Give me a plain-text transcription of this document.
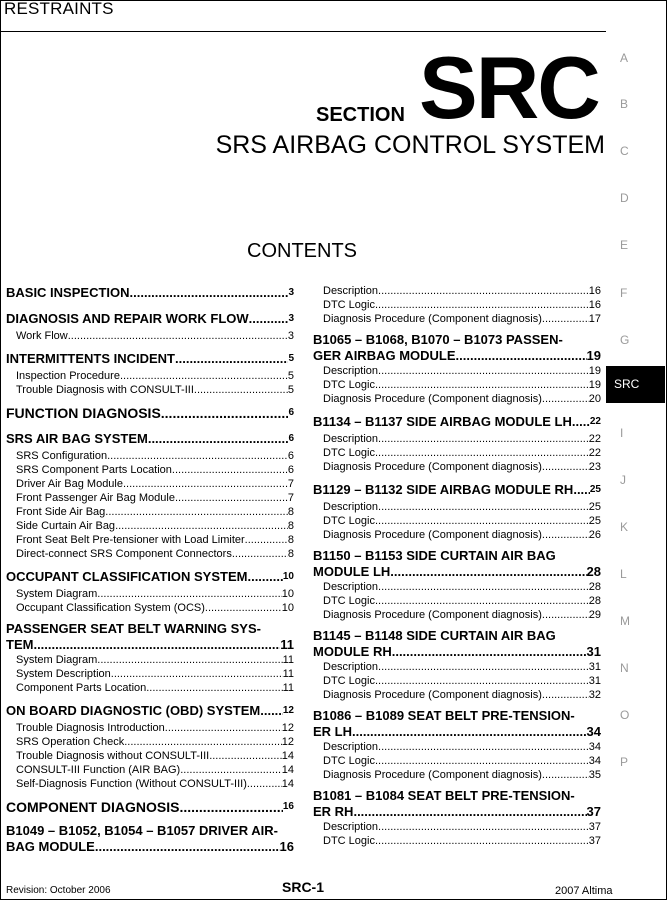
RESTRAINTS
SECTION SRC
SRS AIRBAG CONTROL SYSTEM
CONTENTS
A
B
C
D
E
F
G
SRC
I
J
K
L
M
N
O
P
BASIC INSPECTION .....	3
DIAGNOSIS AND REPAIR WORK FLOW .....	3
Work Flow .....	3
INTERMITTENTS INCIDENT .....	5
Inspection Procedure .....	5
Trouble Diagnosis with CONSULT-III .....	5
FUNCTION DIAGNOSIS .....	6
SRS AIR BAG SYSTEM .....	6
SRS Configuration .....	6
SRS Component Parts Location .....	6
Driver Air Bag Module .....	7
Front Passenger Air Bag Module .....	7
Front Side Air Bag .....	8
Side Curtain Air Bag .....	8
Front Seat Belt Pre-tensioner with Load Limiter .....	8
Direct-connect SRS Component Connectors .....	8
OCCUPANT CLASSIFICATION SYSTEM .....	10
System Diagram .....	10
Occupant Classification System (OCS) .....	10
PASSENGER SEAT BELT WARNING SYS-
TEM .....	11
System Diagram .....	11
System Description .....	11
Component Parts Location .....	11
ON BOARD DIAGNOSTIC (OBD) SYSTEM ..... 12
Trouble Diagnosis Introduction .....	12
SRS Operation Check .....	12
Trouble Diagnosis without CONSULT-III .....	14
CONSULT-III Function (AIR BAG) .....	14
Self-Diagnosis Function (Without CONSULT-III) .....	14
COMPONENT DIAGNOSIS .....	16
B1049 – B1052, B1054 – B1057 DRIVER AIR-
BAG MODULE .....	16
Description .....	16
DTC Logic .....	16
Diagnosis Procedure (Component diagnosis) .....	17
B1065 – B1068, B1070 – B1073 PASSEN-
GER AIRBAG MODULE .....	19
Description .....	19
DTC Logic .....	19
Diagnosis Procedure (Component diagnosis) .....	20
B1134 – B1137 SIDE AIRBAG MODULE LH ..... 22
Description .....	22
DTC Logic .....	22
Diagnosis Procedure (Component diagnosis) .....	23
B1129 – B1132 SIDE AIRBAG MODULE RH ..... 25
Description .....	25
DTC Logic .....	25
Diagnosis Procedure (Component diagnosis) .....	26
B1150 – B1153 SIDE CURTAIN AIR BAG
MODULE LH .....	28
Description .....	28
DTC Logic .....	28
Diagnosis Procedure (Component diagnosis) .....	29
B1145 – B1148 SIDE CURTAIN AIR BAG
MODULE RH .....	31
Description .....	31
DTC Logic .....	31
Diagnosis Procedure (Component diagnosis) .....	32
B1086 – B1089 SEAT BELT PRE-TENSION-
ER LH .....	34
Description .....	34
DTC Logic .....	34
Diagnosis Procedure (Component diagnosis) .....	35
B1081 – B1084 SEAT BELT PRE-TENSION-
ER RH .....	37
Description .....	37
DTC Logic .....	37
Revision: October 2006	SRC-1	2007 Altima
